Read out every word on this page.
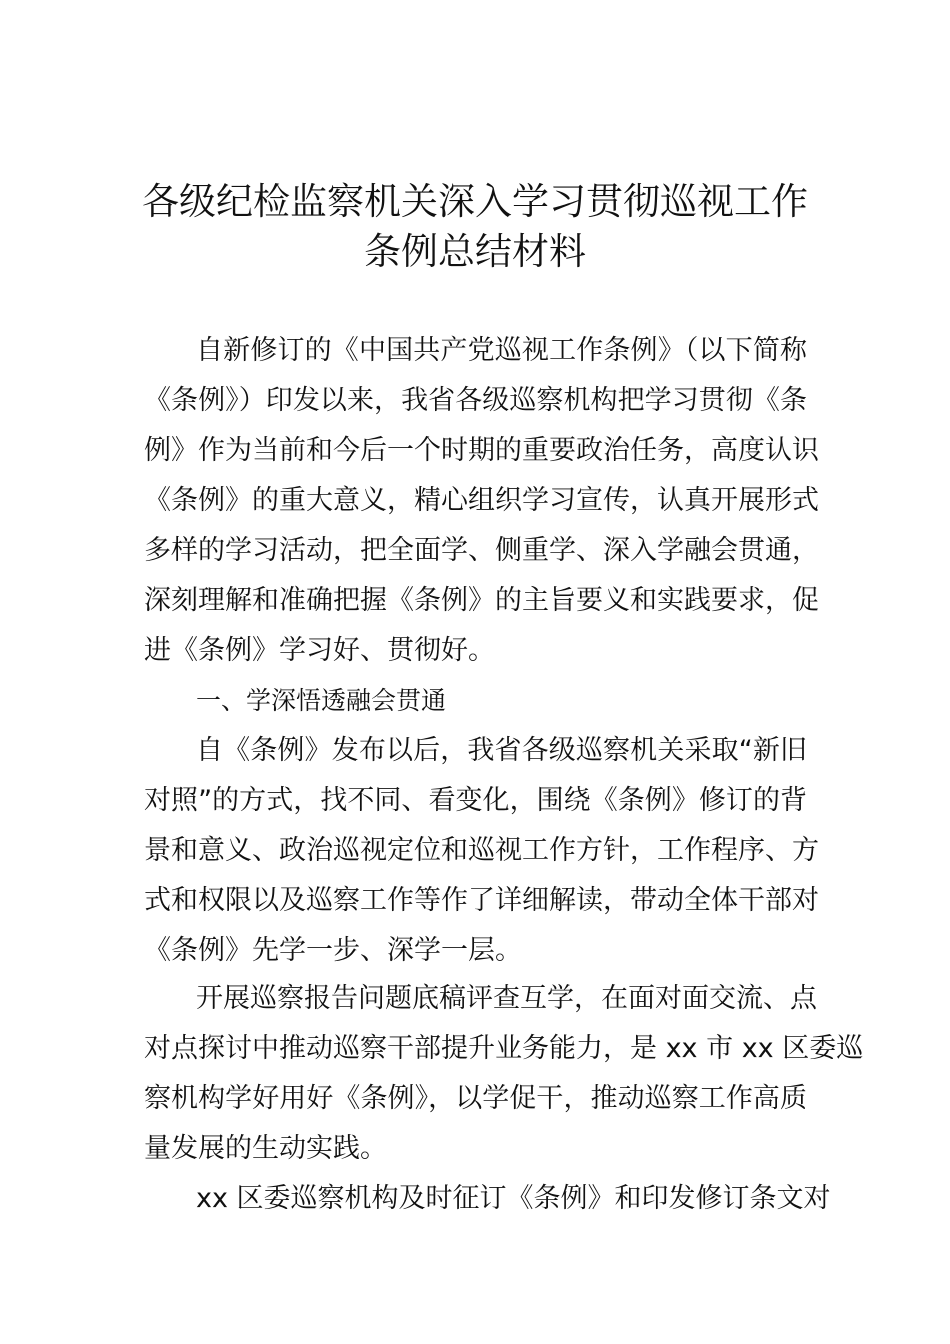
各级纪检监察机关深入学习贯彻巡视工作
条例总结材料
自新修订的《中国共产党巡视工作条例》（以下简称
《条例》）印发以来，我省各级巡察机构把学习贯彻《条
例》作为当前和今后一个时期的重要政治任务，高度认识
《条例》的重大意义，精心组织学习宣传，认真开展形式
多样的学习活动，把全面学、侧重学、深入学融会贯通，
深刻理解和准确把握《条例》的主旨要义和实践要求，促
进《条例》学习好、贯彻好。
一、学深悟透融会贯通
自《条例》发布以后，我省各级巡察机关采取“新旧
对照”的方式，找不同、看变化，围绕《条例》修订的背
景和意义、政治巡视定位和巡视工作方针，工作程序、方
式和权限以及巡察工作等作了详细解读，带动全体干部对
《条例》先学一步、深学一层。
开展巡察报告问题底稿评查互学，在面对面交流、点
对点探讨中推动巡察干部提升业务能力，是 xx 市 xx 区委巡
察机构学好用好《条例》，以学促干，推动巡察工作高质
量发展的生动实践。
xx 区委巡察机构及时征订《条例》和印发修订条文对
